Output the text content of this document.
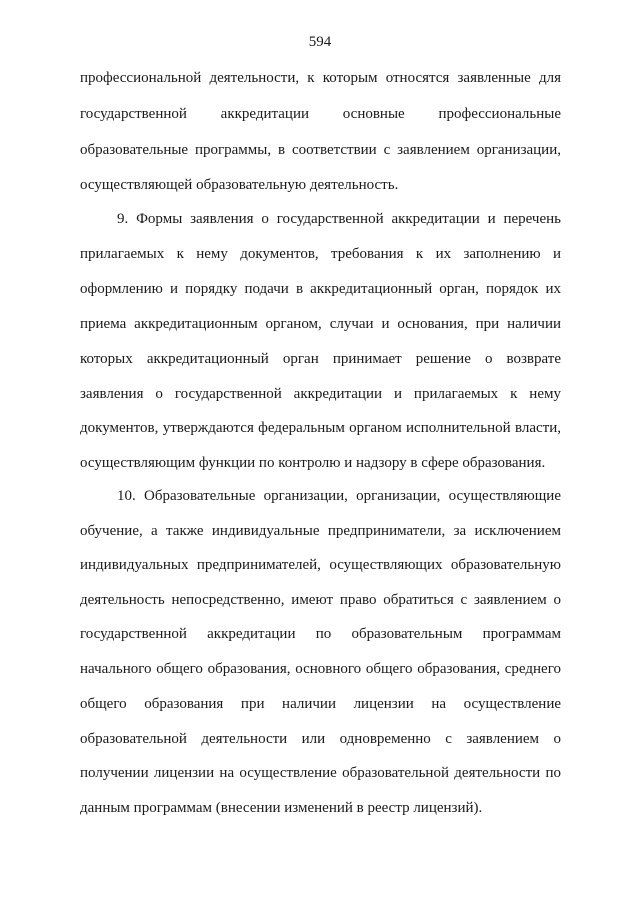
594
профессиональной деятельности, к которым относятся заявленные для
государственной аккредитации основные профессиональные
образовательные программы, в соответствии с заявлением организации,
осуществляющей образовательную деятельность.
9. Формы заявления о государственной аккредитации и перечень
прилагаемых к нему документов, требования к их заполнению и
оформлению и порядку подачи в аккредитационный орган, порядок их
приема аккредитационным органом, случаи и основания, при наличии
которых аккредитационный орган принимает решение о возврате
заявления о государственной аккредитации и прилагаемых к нему
документов, утверждаются федеральным органом исполнительной власти,
осуществляющим функции по контролю и надзору в сфере образования.
10. Образовательные организации, организации, осуществляющие
обучение, а также индивидуальные предприниматели, за исключением
индивидуальных предпринимателей, осуществляющих образовательную
деятельность непосредственно, имеют право обратиться с заявлением о
государственной аккредитации по образовательным программам
начального общего образования, основного общего образования, среднего
общего образования при наличии лицензии на осуществление
образовательной деятельности или одновременно с заявлением о
получении лицензии на осуществление образовательной деятельности по
данным программам (внесении изменений в реестр лицензий).
